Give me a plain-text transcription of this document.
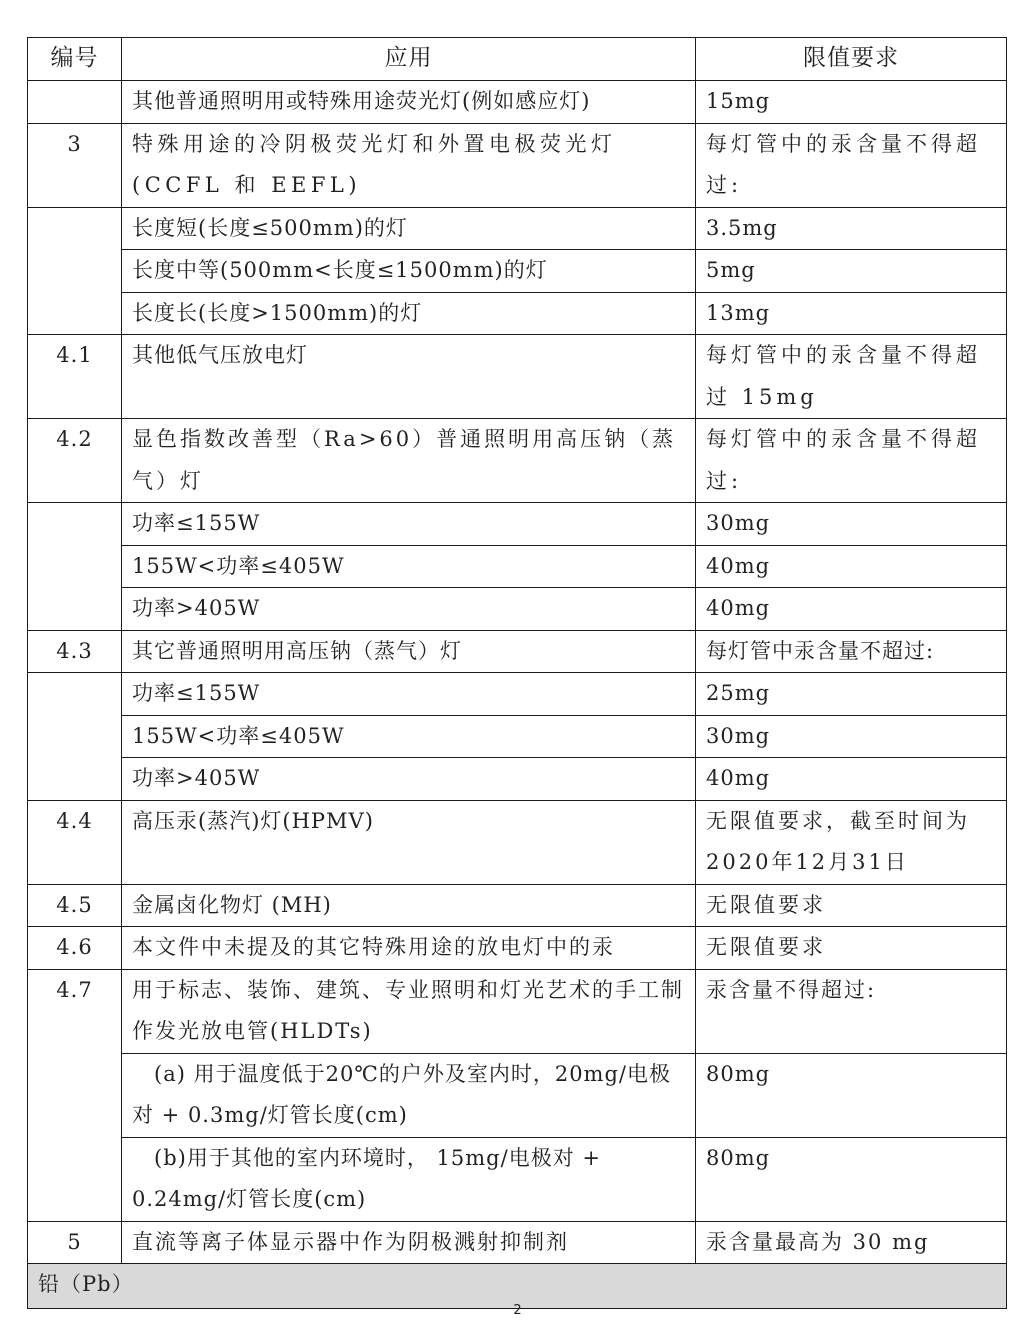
编号	应用	限值要求
	其他普通照明用或特殊用途荧光灯(例如感应灯)	15mg
3	特殊用途的冷阴极荧光灯和外置电极荧光灯 (CCFL 和 EEFL)	每灯管中的汞含量不得超过:
	长度短(长度≤500mm)的灯	3.5mg
	长度中等(500mm<长度≤1500mm)的灯	5mg
	长度长(长度>1500mm)的灯	13mg
4.1	其他低气压放电灯	每灯管中的汞含量不得超过 15mg
4.2	显色指数改善型（Ra>60）普通照明用高压钠（蒸气）灯	每灯管中的汞含量不得超过:
	功率≤155W	30mg
	155W<功率≤405W	40mg
	功率>405W	40mg
4.3	其它普通照明用高压钠（蒸气）灯	每灯管中汞含量不超过:
	功率≤155W	25mg
	155W<功率≤405W	30mg
	功率>405W	40mg
4.4	高压汞(蒸汽)灯(HPMV)	无限值要求，截至时间为2020年12月31日
4.5	金属卤化物灯 (MH)	无限值要求
4.6	本文件中未提及的其它特殊用途的放电灯中的汞	无限值要求
4.7	用于标志、装饰、建筑、专业照明和灯光艺术的手工制作发光放电管(HLDTs)	汞含量不得超过:
	(a) 用于温度低于20℃的户外及室内时，20mg/电极对 + 0.3mg/灯管长度(cm)	80mg
	(b)用于其他的室内环境时， 15mg/电极对 + 0.24mg/灯管长度(cm)	80mg
5	直流等离子体显示器中作为阴极溅射抑制剂	汞含量最高为 30 mg
铅（Pb）		
2
